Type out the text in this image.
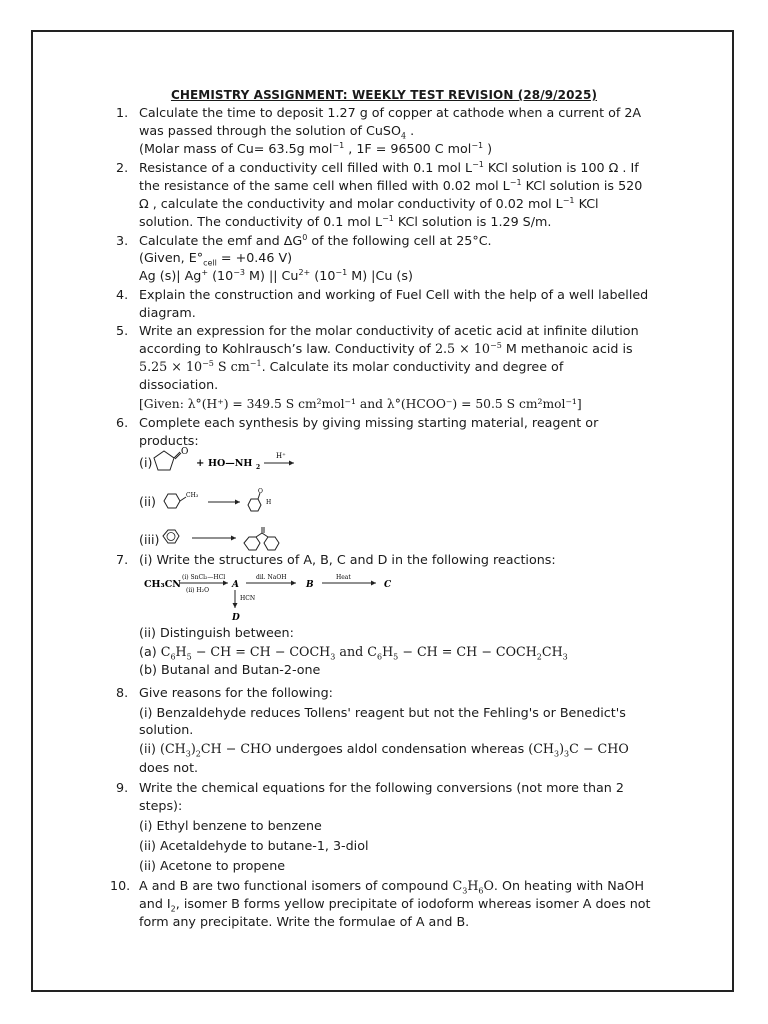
CHEMISTRY ASSIGNMENT: WEEKLY TEST REVISION (28/9/2025)
1. Calculate the time to deposit 1.27 g of copper at cathode when a current of 2A
was passed through the solution of CuSO$_4$ .
(Molar mass of Cu= 63.5g mol$^{-1}$ , 1F = 96500 C mol$^{-1}$ )
2. Resistance of a conductivity cell filled with 0.1 mol $L^{-1}$ KCl solution is 100 Ω . If
the resistance of the same cell when filled with 0.02 mol $L^{-1}$ KCl solution is 520
Ω , calculate the conductivity and molar conductivity of 0.02 mol $L^{-1}$ KCl
solution. The conductivity of 0.1 mol $L^{-1}$ KCl solution is 1.29 S/m.
3. Calculate the emf and $\Delta G^0$ of the following cell at 25°C.
(Given, $E^\circ_{cell} = +0.46$ V)
Ag (s)| Ag+ ($10^{-3}$ M) || $Cu^{2+}$ ($10^{-1}$ M) |Cu (s)
4. Explain the construction and working of Fuel Cell with the help of a well labelled
diagram.
5. Write an expression for the molar conductivity of acetic acid at infinite dilution
according to Kohlrausch’s law. Conductivity of $2.5 \times 10^{-5}$ M methanoic acid is
$5.25 \times 10^{-5}$ S $cm^{-1}$. Calculate its molar conductivity and degree of
dissociation.
[Given: λ°(H⁺) = 349.5 S cm²mol⁻¹ and λ°(HCOO⁻) = 50.5 S cm²mol⁻¹]
6. Complete each synthesis by giving missing starting material, reagent or
products:
(i)
(ii)
(iii)
O
+ HO—NH 2
H⁺
CH₃
O
H
7. (i) Write the structures of A, B, C and D in the following reactions:
CH₃CN
(i) SnCl₂—HCl
(ii) H₂O
A
dil. NaOH
B
Heat
C
HCN
D
(ii) Distinguish between:
(a) $C_6H_5$ − CH = CH − $COCH_3$ and $C_6H_5$ − CH = CH − $COCH_2CH_3$
(b) Butanal and Butan-2-one
8. Give reasons for the following:
(i) Benzaldehyde reduces Tollens' reagent but not the Fehling's or Benedict's
solution.
(ii) $(CH_3)_2CH$ − CHO undergoes aldol condensation whereas $(CH_3)_3C$ − CHO
does not.
9. Write the chemical equations for the following conversions (not more than 2
steps):
(i) Ethyl benzene to benzene
(ii) Acetaldehyde to butane-1, 3-diol
(ii) Acetone to propene
10. A and B are two functional isomers of compound $C_3H_6O$. On heating with NaOH
and $I_2$, isomer B forms yellow precipitate of iodoform whereas isomer A does not
form any precipitate. Write the formulae of A and B.
